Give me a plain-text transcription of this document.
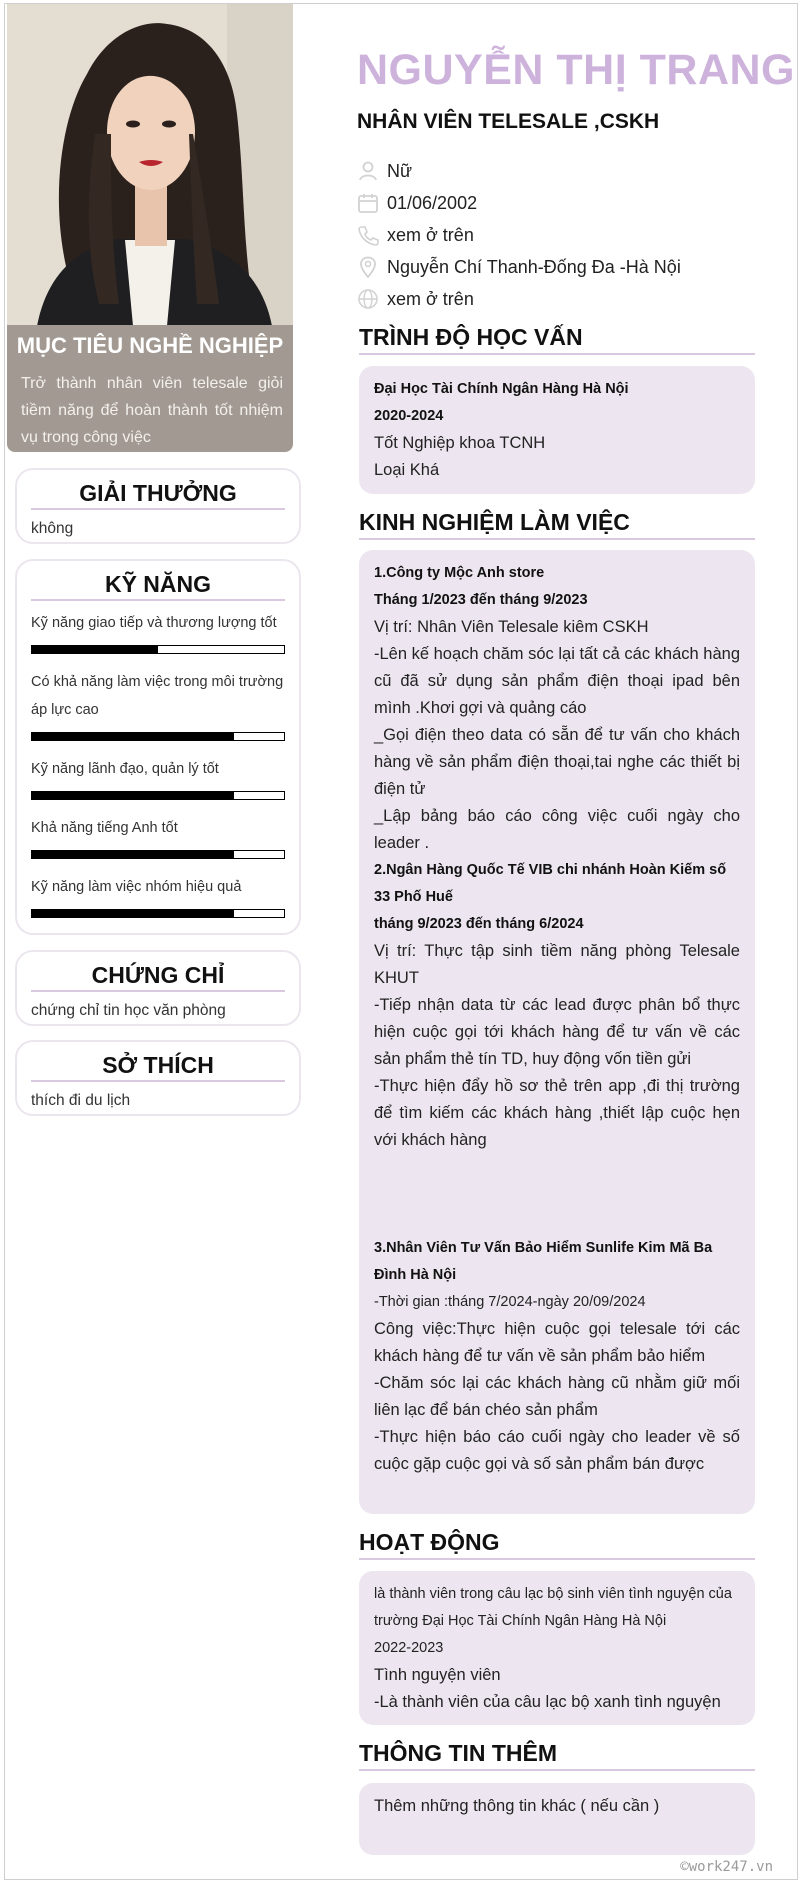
Trở thành nhân viên telesale giỏi tiềm năng để hoàn thành tốt nhiệm vụ trong công việc
MỤC TIÊU NGHỀ NGHIỆP
GIẢI THƯỞNG
không
KỸ NĂNG
Kỹ năng giao tiếp và thương lượng tốt
Có khả năng làm việc trong môi trường áp lực cao
Kỹ năng lãnh đạo, quản lý tốt
Khả năng tiếng Anh tốt
Kỹ năng làm việc nhóm hiệu quả
CHỨNG CHỈ
chứng chỉ tin học văn phòng
SỞ THÍCH
thích đi du lịch
NGUYỄN THỊ TRANG
NHÂN VIÊN TELESALE ,CSKH
Nữ
01/06/2002
xem ở trên
Nguyễn Chí Thanh-Đống Đa -Hà Nội
xem ở trên
TRÌNH ĐỘ HỌC VẤN
Đại Học Tài Chính Ngân Hàng Hà Nội
2020-2024
Tốt Nghiệp khoa TCNH
Loại Khá
KINH NGHIỆM LÀM VIỆC
1.Công ty Mộc Anh store
Tháng 1/2023 đến tháng 9/2023
Vị trí: Nhân Viên Telesale kiêm CSKH
-Lên kế hoạch chăm sóc lại tất cả các khách hàng cũ đã sử dụng sản phẩm điện thoại ipad bên mình .Khơi gợi và quảng cáo
_Gọi điện theo data có sẵn để tư vấn cho khách hàng về sản phẩm điện thoại,tai nghe các thiết bị điện tử
_Lập bảng báo cáo công việc cuối ngày cho leader .
2.Ngân Hàng Quốc Tế VIB chi nhánh Hoàn Kiếm số 33 Phố Huế
tháng 9/2023 đến tháng 6/2024
Vị trí: Thực tập sinh tiềm năng phòng Telesale KHUT
-Tiếp nhận data từ các lead được phân bổ thực hiện cuộc gọi tới khách hàng để tư vấn về các sản phẩm thẻ tín TD, huy động vốn tiền gửi
-Thực hiện đẩy hồ sơ thẻ trên app ,đi thị trường để tìm kiếm các khách hàng ,thiết lập cuộc hẹn với khách hàng
3.Nhân Viên Tư Vấn Bảo Hiểm Sunlife Kim Mã Ba Đình Hà Nội
-Thời gian :tháng 7/2024-ngày 20/09/2024
Công việc:Thực hiện cuộc gọi telesale tới các khách hàng để tư vấn về sản phẩm bảo hiểm
-Chăm sóc lại các khách hàng cũ nhằm giữ mối liên lạc để bán chéo sản phẩm
-Thực hiện báo cáo cuối ngày cho leader về số cuộc gặp cuộc gọi và số sản phẩm bán được
HOẠT ĐỘNG
là thành viên trong câu lạc bộ sinh viên tình nguyện của trường Đại Học Tài Chính Ngân Hàng Hà Nội
2022-2023
Tình nguyện viên
-Là thành viên của câu lạc bộ xanh tình nguyện
THÔNG TIN THÊM
Thêm những thông tin khác ( nếu cần )
©work247.vn
